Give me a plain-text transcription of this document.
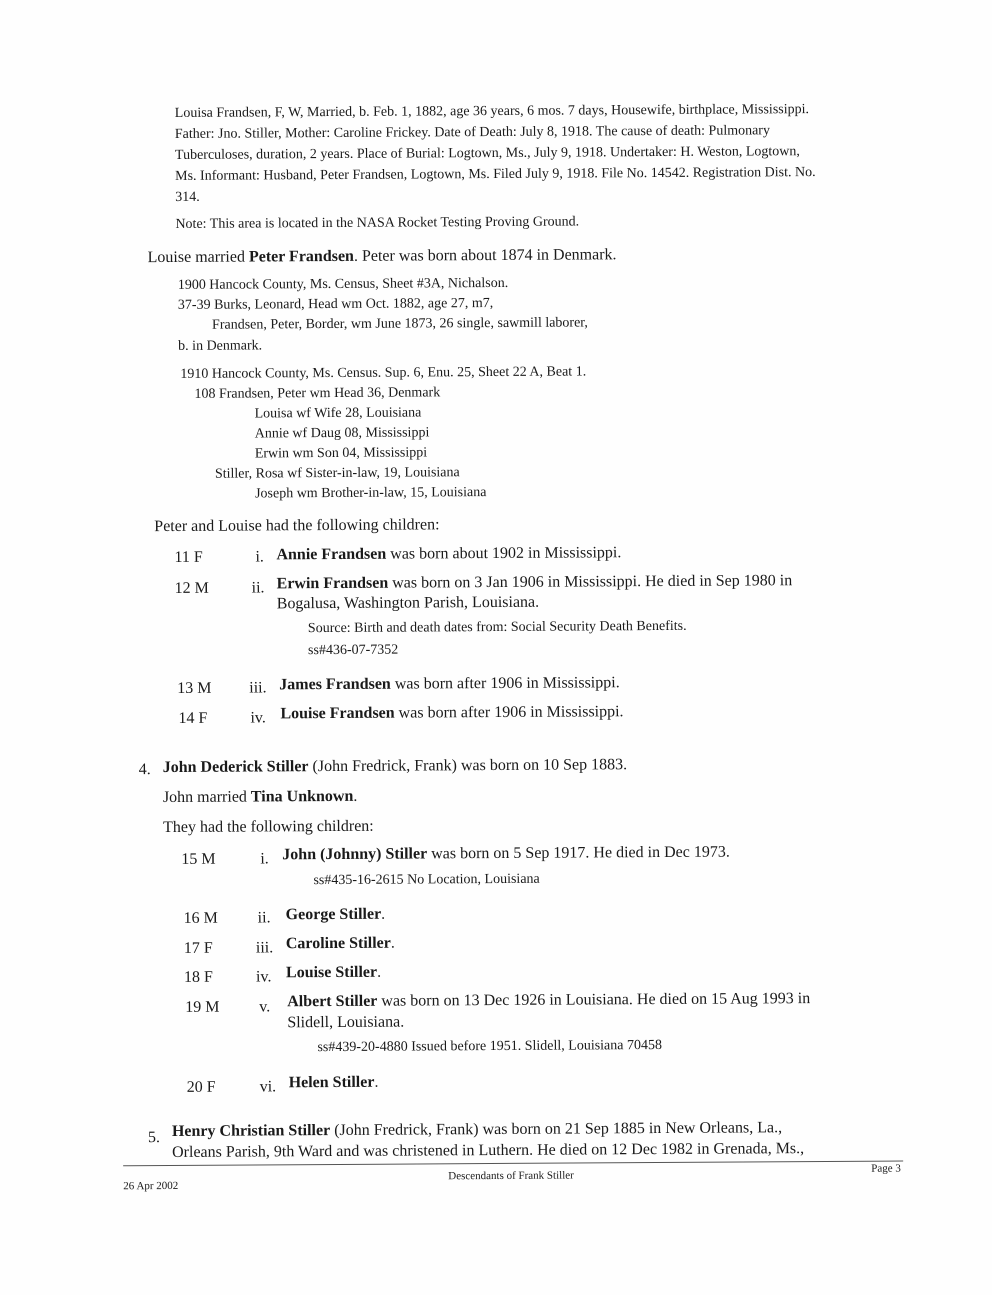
Louisa Frandsen, F, W, Married, b. Feb. 1, 1882, age 36 years, 6 mos. 7 days, Housewife, birthplace, Mississippi.
Father: Jno. Stiller, Mother: Caroline Frickey. Date of Death: July 8, 1918. The cause of death: Pulmonary
Tuberculoses, duration, 2 years. Place of Burial: Logtown, Ms., July 9, 1918. Undertaker: H. Weston, Logtown,
Ms. Informant: Husband, Peter Frandsen, Logtown, Ms. Filed July 9, 1918. File No. 14542. Registration Dist. No.
314.
Note: This area is located in the NASA Rocket Testing Proving Ground.
Louise married Peter Frandsen. Peter was born about 1874 in Denmark.
1900 Hancock County, Ms. Census, Sheet #3A, Nichalson.
37-39 Burks, Leonard, Head wm Oct. 1882, age 27, m7,
Frandsen, Peter, Border, wm June 1873, 26 single, sawmill laborer,
b. in Denmark.
1910 Hancock County, Ms. Census. Sup. 6, Enu. 25, Sheet 22 A, Beat 1.
108 Frandsen, Peter wm Head 36, Denmark
Louisa wf Wife 28, Louisiana
Annie wf Daug 08, Mississippi
Erwin wm Son 04, Mississippi
Stiller, Rosa wf Sister-in-law, 19, Louisiana
Joseph wm Brother-in-law, 15, Louisiana
Peter and Louise had the following children:
11 F	i. Annie Frandsen was born about 1902 in Mississippi.
12 M	ii. Erwin Frandsen was born on 3 Jan 1906 in Mississippi. He died in Sep 1980 in
Bogalusa, Washington Parish, Louisiana.
Source: Birth and death dates from: Social Security Death Benefits.
ss#436-07-7352
13 M iii. James Frandsen was born after 1906 in Mississippi.
14 F	iv. Louise Frandsen was born after 1906 in Mississippi.
4. John Dederick Stiller (John Fredrick, Frank) was born on 10 Sep 1883.
John married Tina Unknown.
They had the following children:
15 M	i. John (Johnny) Stiller was born on 5 Sep 1917. He died in Dec 1973.
ss#435-16-2615 No Location, Louisiana
16 M ii. George Stiller.
17 F	iii. Caroline Stiller.
18 F	iv. Louise Stiller.
19 M v. Albert Stiller was born on 13 Dec 1926 in Louisiana. He died on 15 Aug 1993 in
Slidell, Louisiana.
ss#439-20-4880 Issued before 1951. Slidell, Louisiana 70458
20 F	vi. Helen Stiller.
5. Henry Christian Stiller (John Fredrick, Frank) was born on 21 Sep 1885 in New Orleans, La.,
Orleans Parish, 9th Ward and was christened in Luthern. He died on 12 Dec 1982 in Grenada, Ms.,
26 Apr 2002
Descendants of Frank Stiller
Page 3
